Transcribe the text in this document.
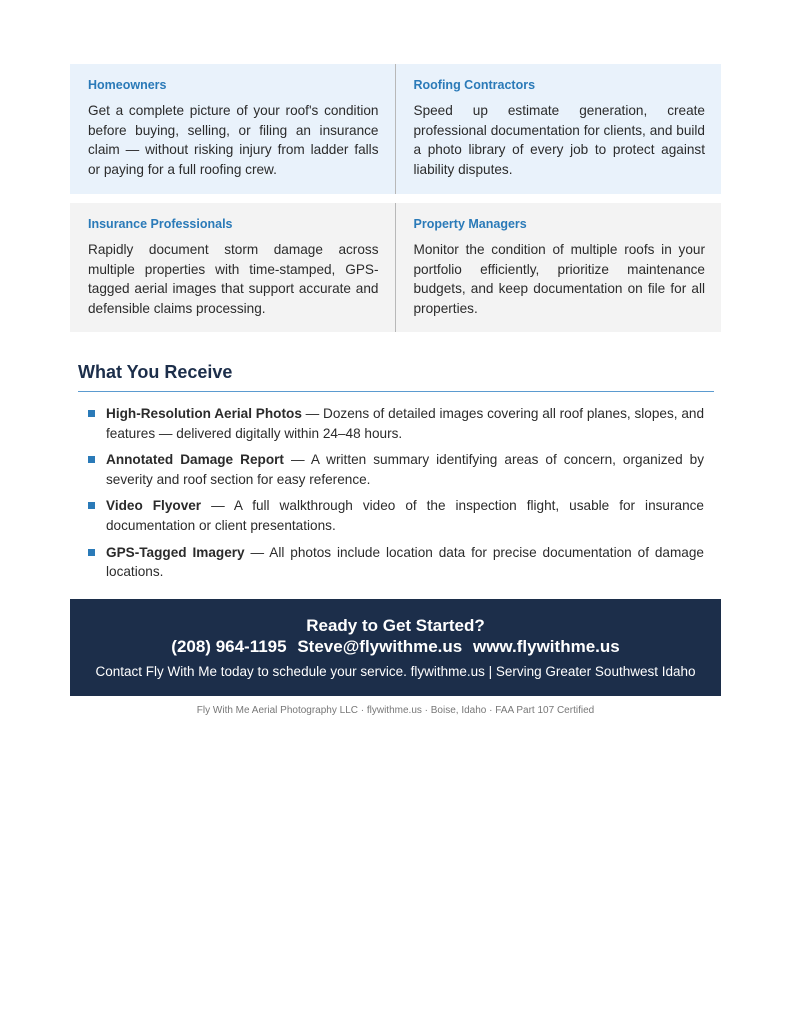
Homeowners

Get a complete picture of your roof's condition before buying, selling, or filing an insurance claim — without risking injury from ladder falls or paying for a full roofing crew.

Roofing Contractors

Speed up estimate generation, create professional documentation for clients, and build a photo library of every job to protect against liability disputes.

Insurance Professionals

Rapidly document storm damage across multiple properties with time-stamped, GPS-tagged aerial images that support accurate and defensible claims processing.

Property Managers

Monitor the condition of multiple roofs in your portfolio efficiently, prioritize maintenance budgets, and keep documentation on file for all properties.

What You Receive
High-Resolution Aerial Photos — Dozens of detailed images covering all roof planes, slopes, and features — delivered digitally within 24–48 hours.
Annotated Damage Report — A written summary identifying areas of concern, organized by severity and roof section for easy reference.
Video Flyover — A full walkthrough video of the inspection flight, usable for insurance documentation or client presentations.
GPS-Tagged Imagery — All photos include location data for precise documentation of damage locations.

Ready to Get Started?

(208) 964-1195 Steve@flywithme.us www.flywithme.us

Contact Fly With Me today to schedule your service. flywithme.us | Serving Greater Southwest Idaho

Fly With Me Aerial Photography LLC · flywithme.us · Boise, Idaho · FAA Part 107 Certified
